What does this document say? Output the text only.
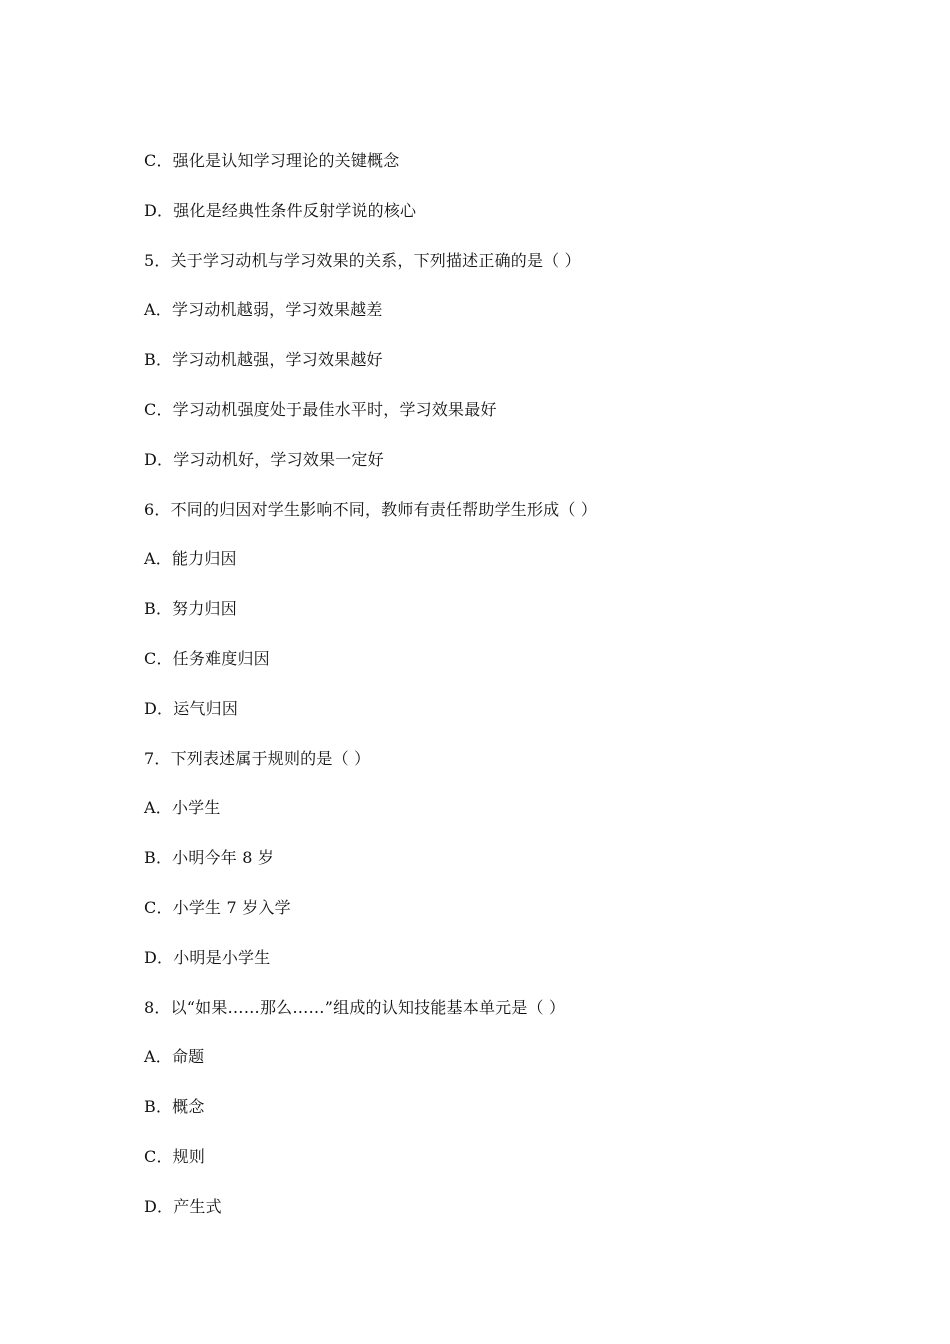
C．强化是认知学习理论的关键概念
D．强化是经典性条件反射学说的核心
5．关于学习动机与学习效果的关系，下列描述正确的是（ ）
A．学习动机越弱，学习效果越差
B．学习动机越强，学习效果越好
C．学习动机强度处于最佳水平时，学习效果最好
D．学习动机好，学习效果一定好
6．不同的归因对学生影响不同，教师有责任帮助学生形成（ ）
A．能力归因
B．努力归因
C．任务难度归因
D．运气归因
7．下列表述属于规则的是（ ）
A．小学生
B．小明今年 8 岁
C．小学生 7 岁入学
D．小明是小学生
8．以“如果……那么……”组成的认知技能基本单元是（ ）
A．命题
B．概念
C．规则
D．产生式
